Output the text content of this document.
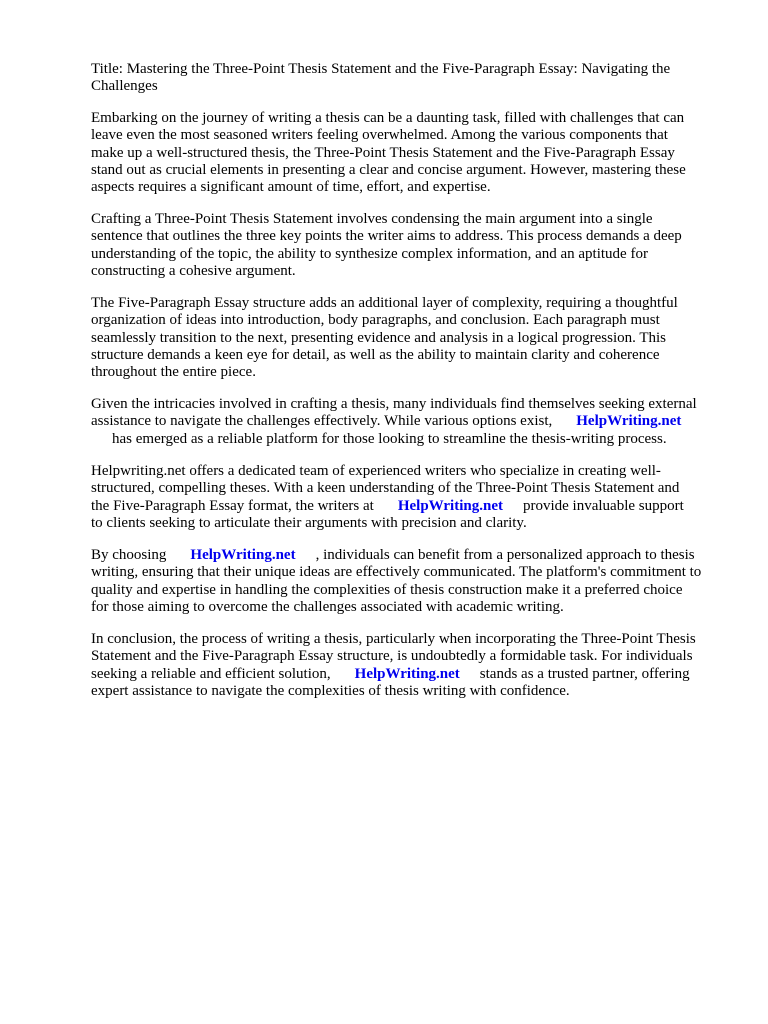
Title: Mastering the Three-Point Thesis Statement and the Five-Paragraph Essay: Navigating the
Challenges

Embarking on the journey of writing a thesis can be a daunting task, filled with challenges that can
leave even the most seasoned writers feeling overwhelmed. Among the various components that
make up a well-structured thesis, the Three-Point Thesis Statement and the Five-Paragraph Essay
stand out as crucial elements in presenting a clear and concise argument. However, mastering these
aspects requires a significant amount of time, effort, and expertise.

Crafting a Three-Point Thesis Statement involves condensing the main argument into a single
sentence that outlines the three key points the writer aims to address. This process demands a deep
understanding of the topic, the ability to synthesize complex information, and an aptitude for
constructing a cohesive argument.

The Five-Paragraph Essay structure adds an additional layer of complexity, requiring a thoughtful
organization of ideas into introduction, body paragraphs, and conclusion. Each paragraph must
seamlessly transition to the next, presenting evidence and analysis in a logical progression. This
structure demands a keen eye for detail, as well as the ability to maintain clarity and coherence
throughout the entire piece.

Given the intricacies involved in crafting a thesis, many individuals find themselves seeking external
assistance to navigate the challenges effectively. While various options exist, HelpWriting.net
has emerged as a reliable platform for those looking to streamline the thesis-writing process.

Helpwriting.net offers a dedicated team of experienced writers who specialize in creating well-
structured, compelling theses. With a keen understanding of the Three-Point Thesis Statement and
the Five-Paragraph Essay format, the writers at HelpWriting.net provide invaluable support
to clients seeking to articulate their arguments with precision and clarity.

By choosing HelpWriting.net , individuals can benefit from a personalized approach to thesis
writing, ensuring that their unique ideas are effectively communicated. The platform's commitment to
quality and expertise in handling the complexities of thesis construction make it a preferred choice
for those aiming to overcome the challenges associated with academic writing.

In conclusion, the process of writing a thesis, particularly when incorporating the Three-Point Thesis
Statement and the Five-Paragraph Essay structure, is undoubtedly a formidable task. For individuals
seeking a reliable and efficient solution, HelpWriting.net stands as a trusted partner, offering
expert assistance to navigate the complexities of thesis writing with confidence.
